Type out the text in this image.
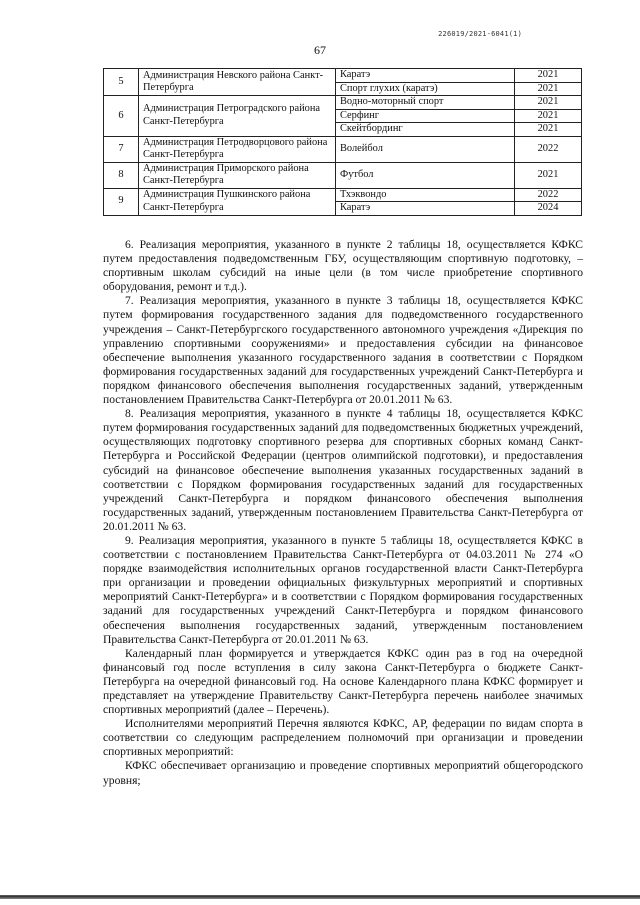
226019/2021-6041(1)
67
5	Администрация Невского района Санкт-Петербурга	Каратэ	2021
		Спорт глухих (каратэ)	2021
6	Администрация Петроградского района Санкт-Петербурга	Водно-моторный спорт	2021
		Серфинг	2021
		Скейтбординг	2021
7	Администрация Петродворцового района Санкт-Петербурга	Волейбол	2022
8	Администрация Приморского района Санкт-Петербурга	Футбол	2021
9	Администрация Пушкинского района Санкт-Петербурга	Тхэквондо	2022
		Каратэ	2024

6. Реализация мероприятия, указанного в пункте 2 таблицы 18, осуществляется КФКС путем предоставления подведомственным ГБУ, осуществляющим спортивную подготовку, – спортивным школам субсидий на иные цели (в том числе приобретение спортивного оборудования, ремонт и т.д.).

7. Реализация мероприятия, указанного в пункте 3 таблицы 18, осуществляется КФКС путем формирования государственного задания для подведомственного государственного учреждения – Санкт-Петербургского государственного автономного учреждения «Дирекция по управлению спортивными сооружениями» и предоставления субсидии на финансовое обеспечение выполнения указанного государственного задания в соответствии с Порядком формирования государственных заданий для государственных учреждений Санкт-Петербурга и порядком финансового обеспечения выполнения государственных заданий, утвержденным постановлением Правительства Санкт-Петербурга от 20.01.2011 № 63.

8. Реализация мероприятия, указанного в пункте 4 таблицы 18, осуществляется КФКС путем формирования государственных заданий для подведомственных бюджетных учреждений, осуществляющих подготовку спортивного резерва для спортивных сборных команд Санкт-Петербурга и Российской Федерации (центров олимпийской подготовки), и предоставления субсидий на финансовое обеспечение выполнения указанных государственных заданий в соответствии с Порядком формирования государственных заданий для государственных учреждений Санкт-Петербурга и порядком финансового обеспечения выполнения государственных заданий, утвержденным постановлением Правительства Санкт-Петербурга от 20.01.2011 № 63.

9. Реализация мероприятия, указанного в пункте 5 таблицы 18, осуществляется КФКС в соответствии с постановлением Правительства Санкт-Петербурга от 04.03.2011 № 274 «О порядке взаимодействия исполнительных органов государственной власти Санкт-Петербурга при организации и проведении официальных физкультурных мероприятий и спортивных мероприятий Санкт-Петербурга» и в соответствии с Порядком формирования государственных заданий для государственных учреждений Санкт-Петербурга и порядком финансового обеспечения выполнения государственных заданий, утвержденным постановлением Правительства Санкт-Петербурга от 20.01.2011 № 63.

Календарный план формируется и утверждается КФКС один раз в год на очередной финансовый год после вступления в силу закона Санкт-Петербурга о бюджете Санкт-Петербурга на очередной финансовый год. На основе Календарного плана КФКС формирует и представляет на утверждение Правительству Санкт-Петербурга перечень наиболее значимых спортивных мероприятий (далее – Перечень).

Исполнителями мероприятий Перечня являются КФКС, АР, федерации по видам спорта в соответствии со следующим распределением полномочий при организации и проведении спортивных мероприятий:

КФКС обеспечивает организацию и проведение спортивных мероприятий общегородского уровня;
